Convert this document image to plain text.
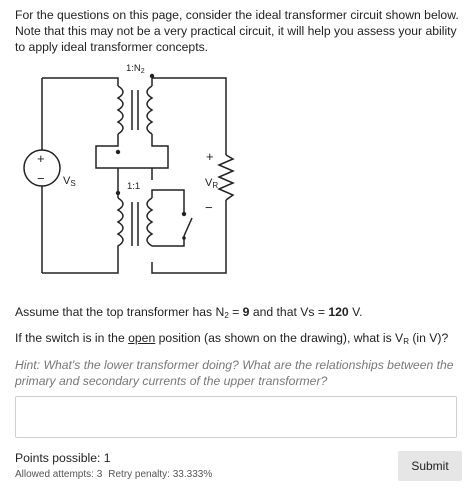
For the questions on this page, consider the ideal transformer circuit shown below. Note that this may not be a very practical circuit, it will help you assess your ability to apply ideal transformer concepts.
$1:N_2$
1:1
+
− VS
+
VR
−
Assume that the top transformer has $N_2 = 9$ and that Vs = 120 V.
If the switch is in the open position (as shown on the drawing), what is $V_R$ (in V)?
Hint: What's the lower transformer doing? What are the relationships between the primary and secondary currents of the upper transformer?
Points possible: 1
Allowed attempts: 3 Retry penalty: 33.333%
Submit
